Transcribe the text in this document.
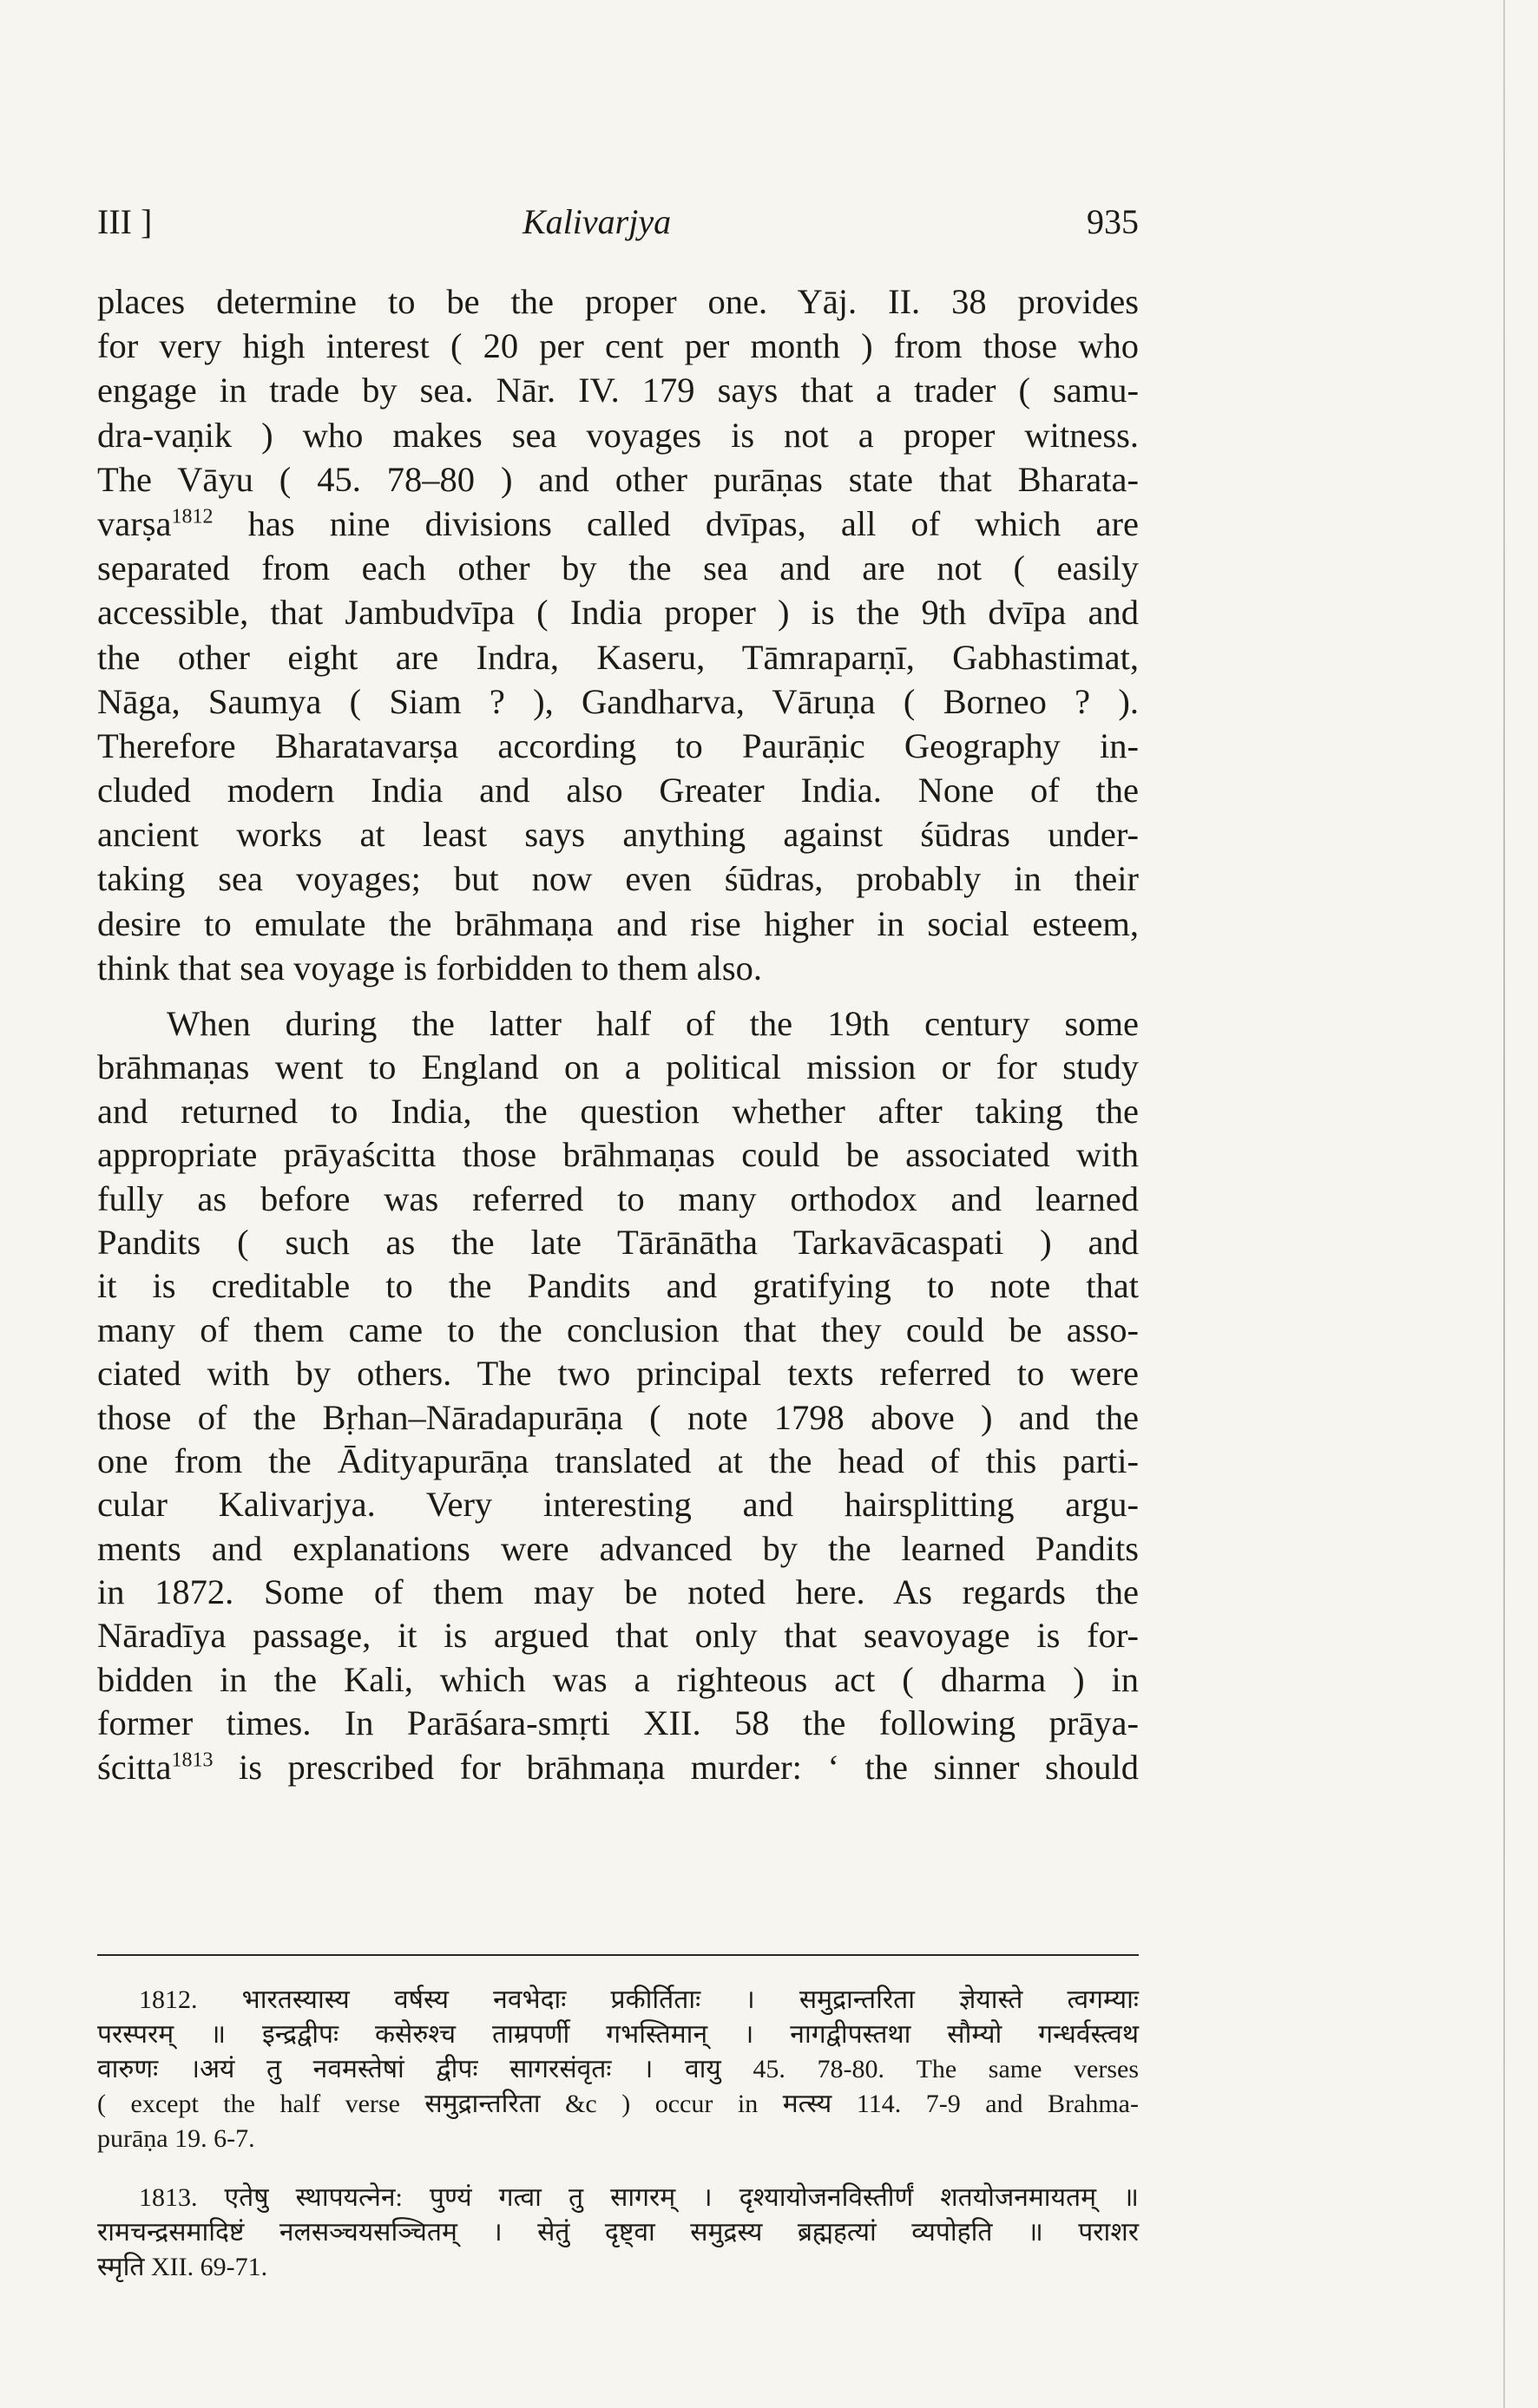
III ]	Kalivarjya	935
places determine to be the proper one. Yāj. II. 38 provides
for very high interest ( 20 per cent per month ) from those who
engage in trade by sea. Nār. IV. 179 says that a trader ( samu-
dra-vaṇik ) who makes sea voyages is not a proper witness.
The Vāyu ( 45. 78–80 ) and other purāṇas state that Bharata-
varṣa$^{1812}$ has nine divisions called dvīpas, all of which are
separated from each other by the sea and are not ( easily
accessible, that Jambudvīpa ( India proper ) is the 9th dvīpa and
the other eight are Indra, Kaseru, Tāmraparṇī, Gabhastimat,
Nāga, Saumya ( Siam ? ), Gandharva, Vāruṇa ( Borneo ? ).
Therefore Bharatavarṣa according to Paurāṇic Geography in-
cluded modern India and also Greater India. None of the
ancient works at least says anything against śūdras under-
taking sea voyages; but now even śūdras, probably in their
desire to emulate the brāhmaṇa and rise higher in social esteem,
think that sea voyage is forbidden to them also.
When during the latter half of the 19th century some
brāhmaṇas went to England on a political mission or for study
and returned to India, the question whether after taking the
appropriate prāyaścitta those brāhmaṇas could be associated with
fully as before was referred to many orthodox and learned
Pandits ( such as the late Tārānātha Tarkavācaspati ) and
it is creditable to the Pandits and gratifying to note that
many of them came to the conclusion that they could be asso-
ciated with by others. The two principal texts referred to were
those of the Bṛhan–Nāradapurāṇa ( note 1798 above ) and the
one from the Ādityapurāṇa translated at the head of this parti-
cular Kalivarjya. Very interesting and hairsplitting argu-
ments and explanations were advanced by the learned Pandits
in 1872. Some of them may be noted here. As regards the
Nāradīya passage, it is argued that only that seavoyage is for-
bidden in the Kali, which was a righteous act ( dharma ) in
former times. In Parāśara-smṛti XII. 58 the following prāya-
ścitta$^{1813}$ is prescribed for brāhmaṇa murder: ‘ the sinner should
1812. भारतस्यास्य वर्षस्य नवभेदाः प्रकीर्तिताः । समुद्रान्तरिता ज्ञेयास्ते त्वगम्याः
परस्परम् ॥ इन्द्रद्वीपः कसेरुश्च ताम्रपर्णी गभस्तिमान् । नागद्वीपस्तथा सौम्यो गन्धर्वस्त्वथ
वारुणः ।अयं तु नवमस्तेषां द्वीपः सागरसंवृतः । वायु 45. 78-80. The same verses
( except the half verse समुद्रान्तरिता &c ) occur in मत्स्य 114. 7-9 and Brahma-
purāṇa 19. 6-7.
1813. एतेषु स्थापयत्नेन: पुण्यं गत्वा तु सागरम् । दृश्यायोजनविस्तीर्णं शतयोजनमायतम् ॥
रामचन्द्रसमादिष्टं नलसञ्चयसञ्चितम् । सेतुं दृष्ट्वा समुद्रस्य ब्रह्महत्यां व्यपोहति ॥ पराशर
स्मृति XII. 69-71.
